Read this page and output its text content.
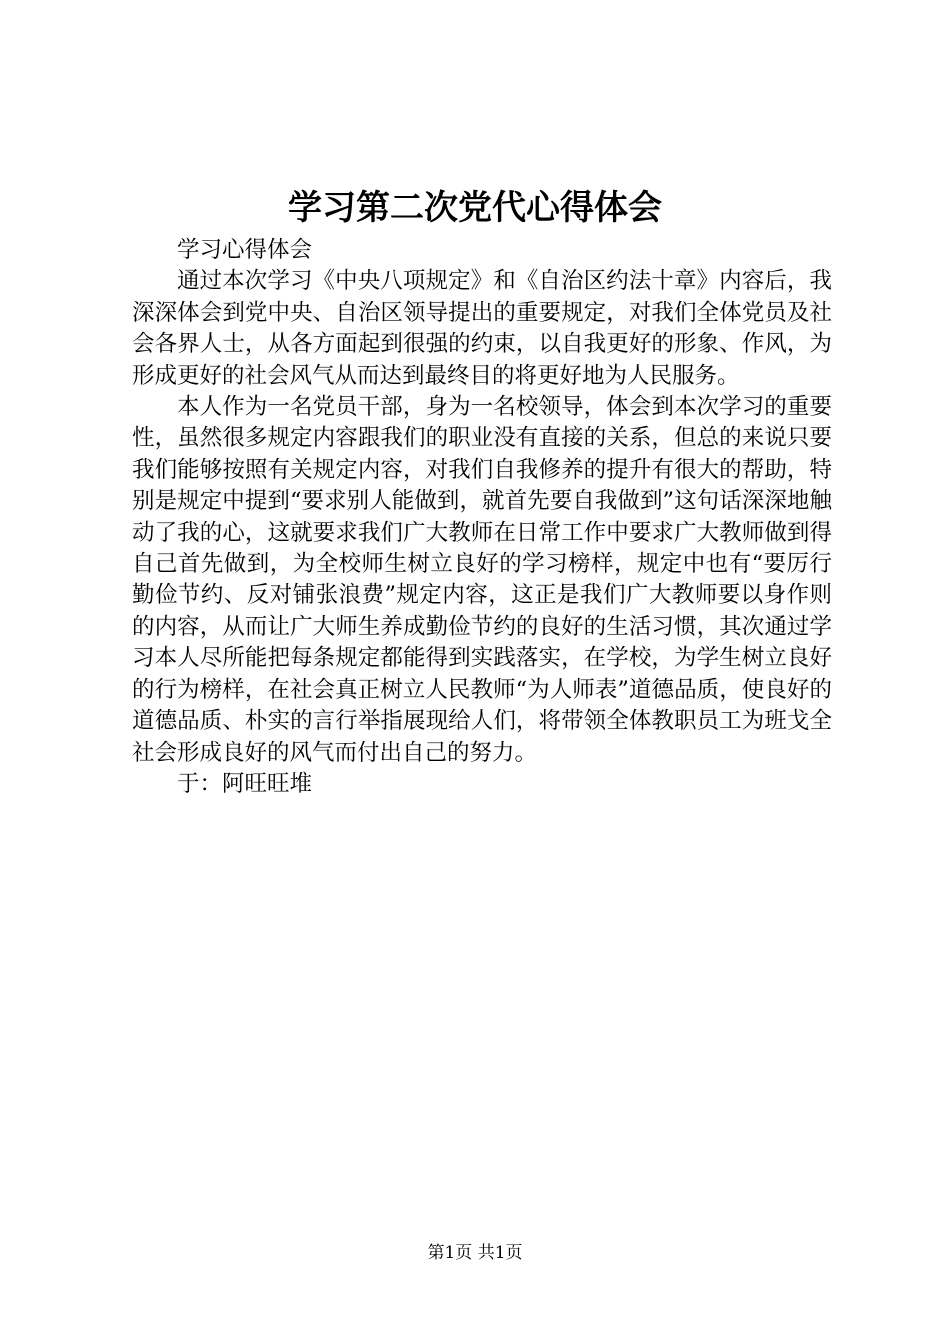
学习第二次党代心得体会

学习心得体会

通过本次学习《中央八项规定》和《自治区约法十章》内容后，我深深体会到党中央、自治区领导提出的重要规定，对我们全体党员及社会各界人士，从各方面起到很强的约束，以自我更好的形象、作风，为形成更好的社会风气从而达到最终目的将更好地为人民服务。

本人作为一名党员干部，身为一名校领导，体会到本次学习的重要性，虽然很多规定内容跟我们的职业没有直接的关系，但总的来说只要我们能够按照有关规定内容，对我们自我修养的提升有很大的帮助，特别是规定中提到“要求别人能做到，就首先要自我做到”这句话深深地触动了我的心，这就要求我们广大教师在日常工作中要求广大教师做到得自己首先做到，为全校师生树立良好的学习榜样，规定中也有“要厉行勤俭节约、反对铺张浪费”规定内容，这正是我们广大教师要以身作则的内容，从而让广大师生养成勤俭节约的良好的生活习惯，其次通过学习本人尽所能把每条规定都能得到实践落实，在学校，为学生树立良好的行为榜样，在社会真正树立人民教师“为人师表”道德品质，使良好的道德品质、朴实的言行举指展现给人们，将带领全体教职员工为班戈全社会形成良好的风气而付出自己的努力。

于：阿旺旺堆

第1页 共1页
